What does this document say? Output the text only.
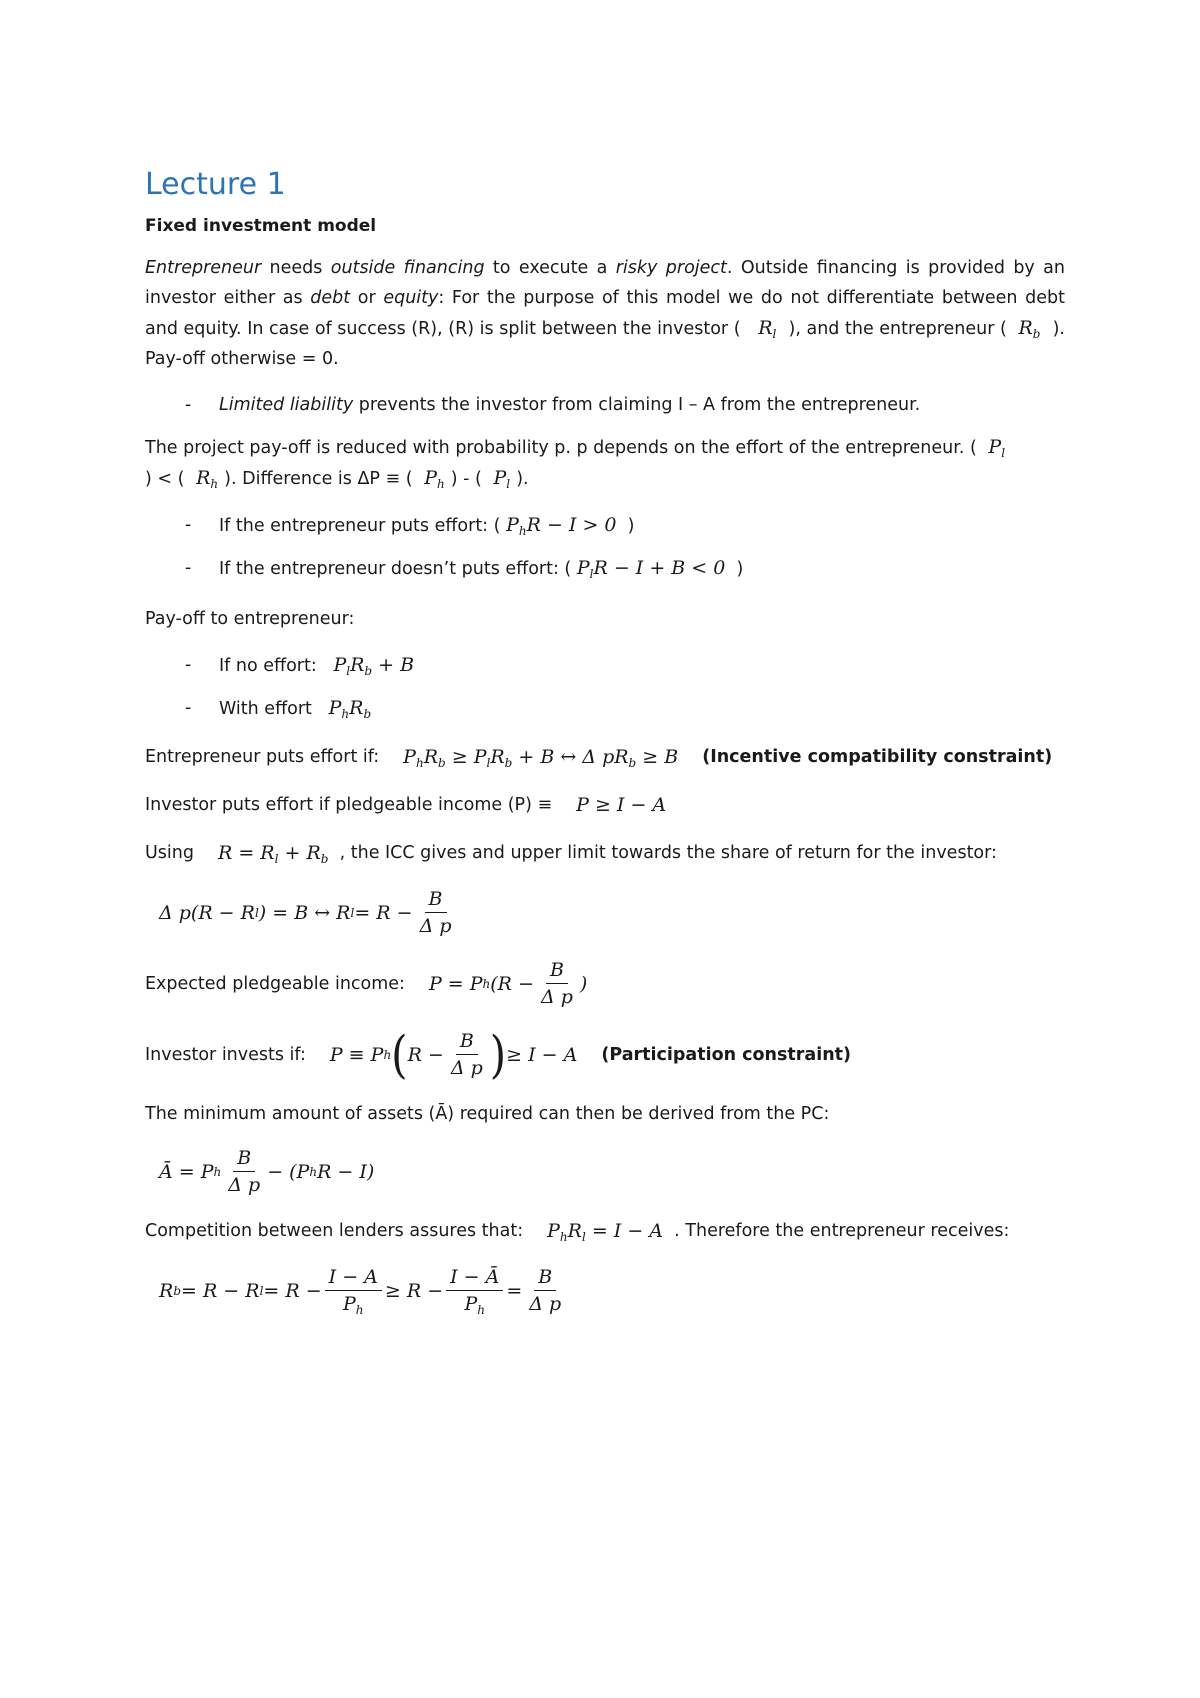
Lecture 1
Fixed investment model

Entrepreneur needs outside financing to execute a risky project. Outside financing is provided by an investor either as debt or equity: For the purpose of this model we do not differentiate between debt and equity. In case of success (R), (R) is split between the investor (   $R_l$ ), and the entrepreneur (  $R_b$ ). Pay-off otherwise = 0.

-	Limited liability prevents the investor from claiming I – A from the entrepreneur.

The project pay-off is reduced with probability p. p depends on the effort of the entrepreneur. (  $P_l$
) < (  $R_h$ ). Difference is ΔP ≡ (  $P_h$ ) - (  $P_l$ ).

-	If the entrepreneur puts effort: ( $P_hR - I > 0$ )
-	If the entrepreneur doesn’t puts effort: ( $P_lR - I + B < 0$ )

Pay-off to entrepreneur:

-	If no effort: $P_lR_b + B$
-	With effort $P_hR_b$
Entrepreneur puts effort if: $P_hR_b \ge P_lR_b + B$ ↔ Δ $pR_b \ge B$ (Incentive compatibility constraint)
Investor puts effort if pledgeable income (P) ≡ P ≥ I − A
Using $R = R_l + R_b$
, the ICC gives and upper limit towards the share of return for the investor:
Δ p(R − R l ) = B ↔ R $l = R - \frac{B}{\text{Δ p}}$
Expected pledgeable income: P = P h ($R - \frac{B}{\text{Δ p}}$ )
Investor invests if: P ≡ P h ( $R - \frac{B}{\text{Δ p}}$ ) ≥ I − A (Participation constraint)

The minimum amount of assets (Ā) required can then be derived from the PC:

Ā = P h $\frac{B}{\text{Δ p}} - (P$ h R − I)
Competition between lenders assures that: $P_hR_l = I - A$
. Therefore the entrepreneur receives:
R b = R − R $l = R - \frac{I - A}{P_h} \ge R - \frac{I - Ā}{P_h} = \frac{B}{\text{Δ p}}$
